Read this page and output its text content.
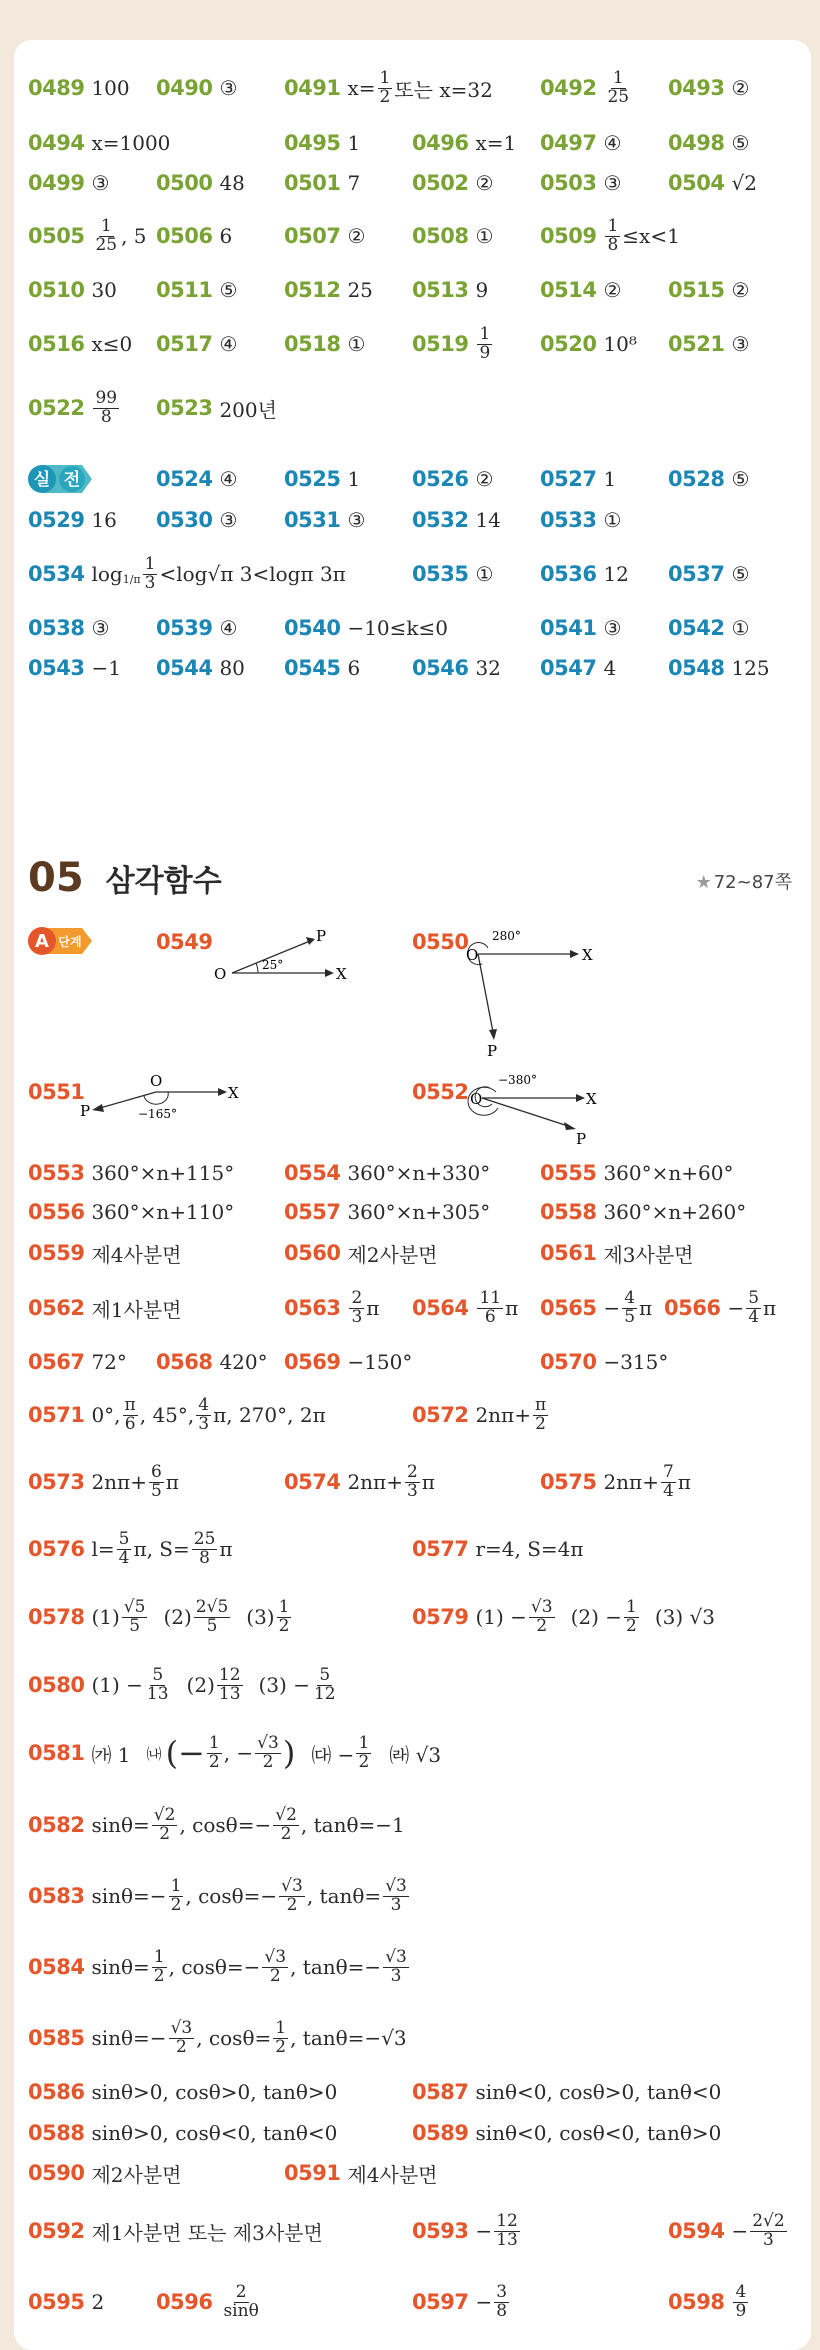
0489 100 0490 ③ 0491 $x= \frac{1}{2}$ 또는 x=32 $0492 \frac{1}{25} 0493$ ②
0494 x=1000	0495 1 0496 x=1 0497 ④ 0498 ⑤
0499 ③ 0500 48 0501 7 0502 ② 0503 ③ 0504 √2
$0505 \frac{1}{25}$ , 5 0506 6 0507 ② 0508 ① $0509 \frac{1}{8} \le x<1$
0510 30 0511 ⑤ 0512 25 0513 9 0514 ② 0515 ②
0516 x≤0 0517 ④ 0518 ① $0519 \frac{1}{9} 0520$ 10⁸ 0521 ③
$0522 \frac{99}{8} 0523$ 200년
실 전	0524 ④ 0525 1 0526 ② 0527 1 0528 ⑤
0529 16 0530 ③ 0531 ③ 0532 14 0533 ①
0534 $\log 1/\pi \frac{1}{3} <\log√\pi$ 3<logπ 3π	0535 ① 0536 12 0537 ⑤
0538 ③ 0539 ④ 0540 −10≤k≤0	0541 ③ 0542 ①
0543 −1 0544 80 0545 6 0546 32 0547 4 0548 125
05 삼각함수	★ 72~87쪽
A 단계	0549	0550
O	X
P
25°
O	X
P
280°
0551	0552
O
X
P	−165°
O	X
P
−380°
0553 360°×n+115° 0554 360°×n+330° 0555 360°×n+60°
0556 360°×n+110° 0557 360°×n+305° 0558 360°×n+260°
0559 제4사분면	0560 제2사분면	0561 제3사분면
0562 제1사분면	$0563 \frac{2}{3}$ π $0564 \frac{11}{6}$ π $0565 - \frac{4}{5}$ π $0566 - \frac{5}{4}$ π
0567 72° 0568 420° 0569 −150°	0570 −315°
0571 0°, $\frac{\pi}{6}$ , 45°, $\frac{4}{3} \pi$, 270°, 2π	0572 $2n\pi+ \frac{\pi}{2}$
0573 $2n\pi+ \frac{6}{5}$ π	0574 $2n\pi+ \frac{2}{3}$ π	0575 $2n\pi+ \frac{7}{4}$ π
0576 $l= \frac{5}{4} \pi$, $S= \frac{25}{8}$ π	0577 r=4, S=4π
0578 $(1) \frac{√5}{5} (2) \frac{2√5}{5} (3) \frac{1}{2}$	0579 $(1) - \frac{√3}{2} (2) - \frac{1}{2} (3)$ √3
0580 $(1) - \frac{5}{13} (2) \frac{12}{13} (3) - \frac{5}{12}$
0581 ㈎ 1 ㈏ (− $\frac{1}{2}$ , − $\frac{√3}{2}$ ) ㈐ − $\frac{1}{2}$ ㈑ √3
0582 $\sin\theta= \frac{√2}{2}$ , $\cos\theta=- \frac{√2}{2}$ , tanθ=−1
0583 $\sin\theta=- \frac{1}{2}$ , $\cos\theta=- \frac{√3}{2}$ , $\tan\theta= \frac{√3}{3}$
0584 $\sin\theta= \frac{1}{2}$ , $\cos\theta=- \frac{√3}{2}$ , $\tan\theta=- \frac{√3}{3}$
0585 $\sin\theta=- \frac{√3}{2}$ , $\cos\theta= \frac{1}{2}$ , tanθ=−√3
0586 sinθ>0, cosθ>0, tanθ>0	0587 sinθ<0, cosθ>0, tanθ<0
0588 sinθ>0, cosθ<0, tanθ<0	0589 sinθ<0, cosθ<0, tanθ>0
0590 제2사분면	0591 제4사분면
0592 제1사분면 또는 제3사분면	$0593 - \frac{12}{13}$	$0594 - \frac{2√2}{3}$
0595 2 $0596 \frac{2}{\sin\theta}$	$0597 - \frac{3}{8}$	$0598 \frac{4}{9}$
